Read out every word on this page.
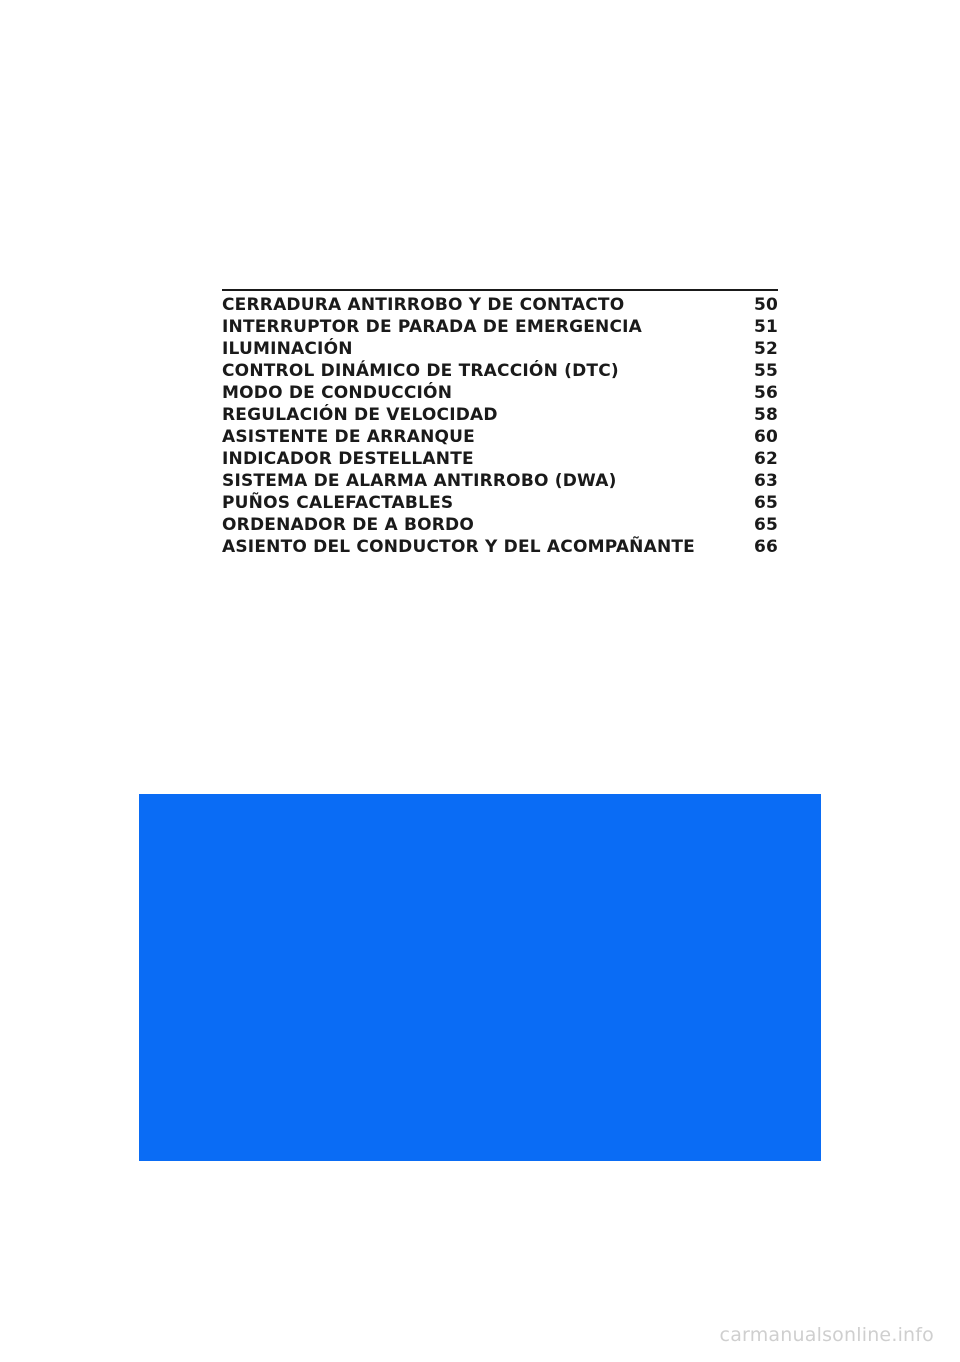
CERRADURA ANTIRROBO Y DE CONTACTO	50
INTERRUPTOR DE PARADA DE EMERGENCIA	51
ILUMINACIÓN	52
CONTROL DINÁMICO DE TRACCIÓN (DTC)	55
MODO DE CONDUCCIÓN	56
REGULACIÓN DE VELOCIDAD	58
ASISTENTE DE ARRANQUE	60
INDICADOR DESTELLANTE	62
SISTEMA DE ALARMA ANTIRROBO (DWA)	63
PUÑOS CALEFACTABLES	65
ORDENADOR DE A BORDO	65
ASIENTO DEL CONDUCTOR Y DEL ACOMPAÑANTE	66
carmanualsonline.info
